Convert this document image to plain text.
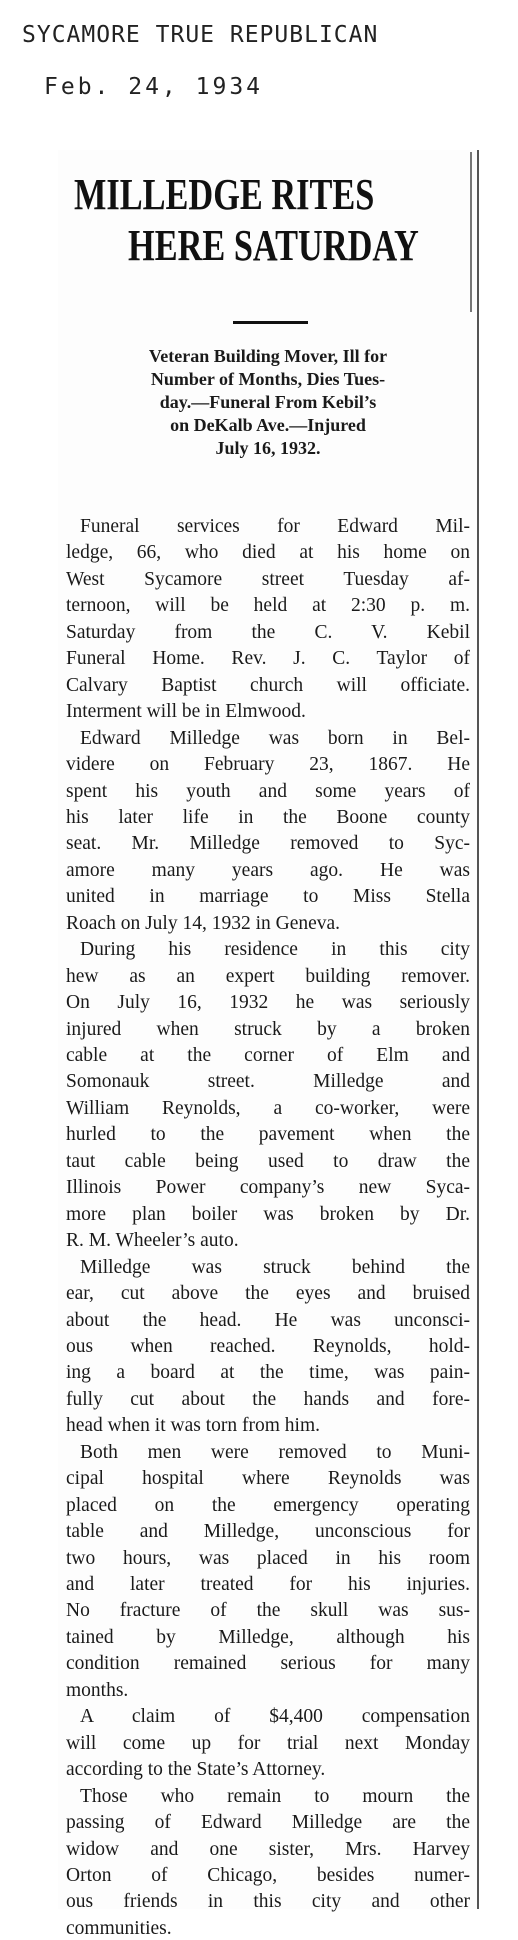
SYCAMORE TRUE REPUBLICAN
Feb. 24, 1934
MILLEDGE RITES
HERE SATURDAY
Veteran Building Mover, Ill for
Number of Months, Dies Tues-
day.—Funeral From Kebil’s
on DeKalb Ave.—Injured
July 16, 1932.
Funeral services for Edward Mil-
ledge, 66, who died at his home on
West Sycamore street Tuesday af-
ternoon, will be held at 2:30 p. m.
Saturday from the C. V. Kebil
Funeral Home. Rev. J. C. Taylor of
Calvary Baptist church will officiate.
Interment will be in Elmwood.
Edward Milledge was born in Bel-
videre on February 23, 1867. He
spent his youth and some years of
his later life in the Boone county
seat. Mr. Milledge removed to Syc-
amore many years ago. He was
united in marriage to Miss Stella
Roach on July 14, 1932 in Geneva.
During his residence in this city
hew as an expert building remover.
On July 16, 1932 he was seriously
injured when struck by a broken
cable at the corner of Elm and
Somonauk street. Milledge and
William Reynolds, a co-worker, were
hurled to the pavement when the
taut cable being used to draw the
Illinois Power company’s new Syca-
more plan boiler was broken by Dr.
R. M. Wheeler’s auto.
Milledge was struck behind the
ear, cut above the eyes and bruised
about the head. He was unconsci-
ous when reached. Reynolds, hold-
ing a board at the time, was pain-
fully cut about the hands and fore-
head when it was torn from him.
Both men were removed to Muni-
cipal hospital where Reynolds was
placed on the emergency operating
table and Milledge, unconscious for
two hours, was placed in his room
and later treated for his injuries.
No fracture of the skull was sus-
tained by Milledge, although his
condition remained serious for many
months.
A claim of $4,400 compensation
will come up for trial next Monday
according to the State’s Attorney.
Those who remain to mourn the
passing of Edward Milledge are the
widow and one sister, Mrs. Harvey
Orton of Chicago, besides numer-
ous friends in this city and other
communities.
